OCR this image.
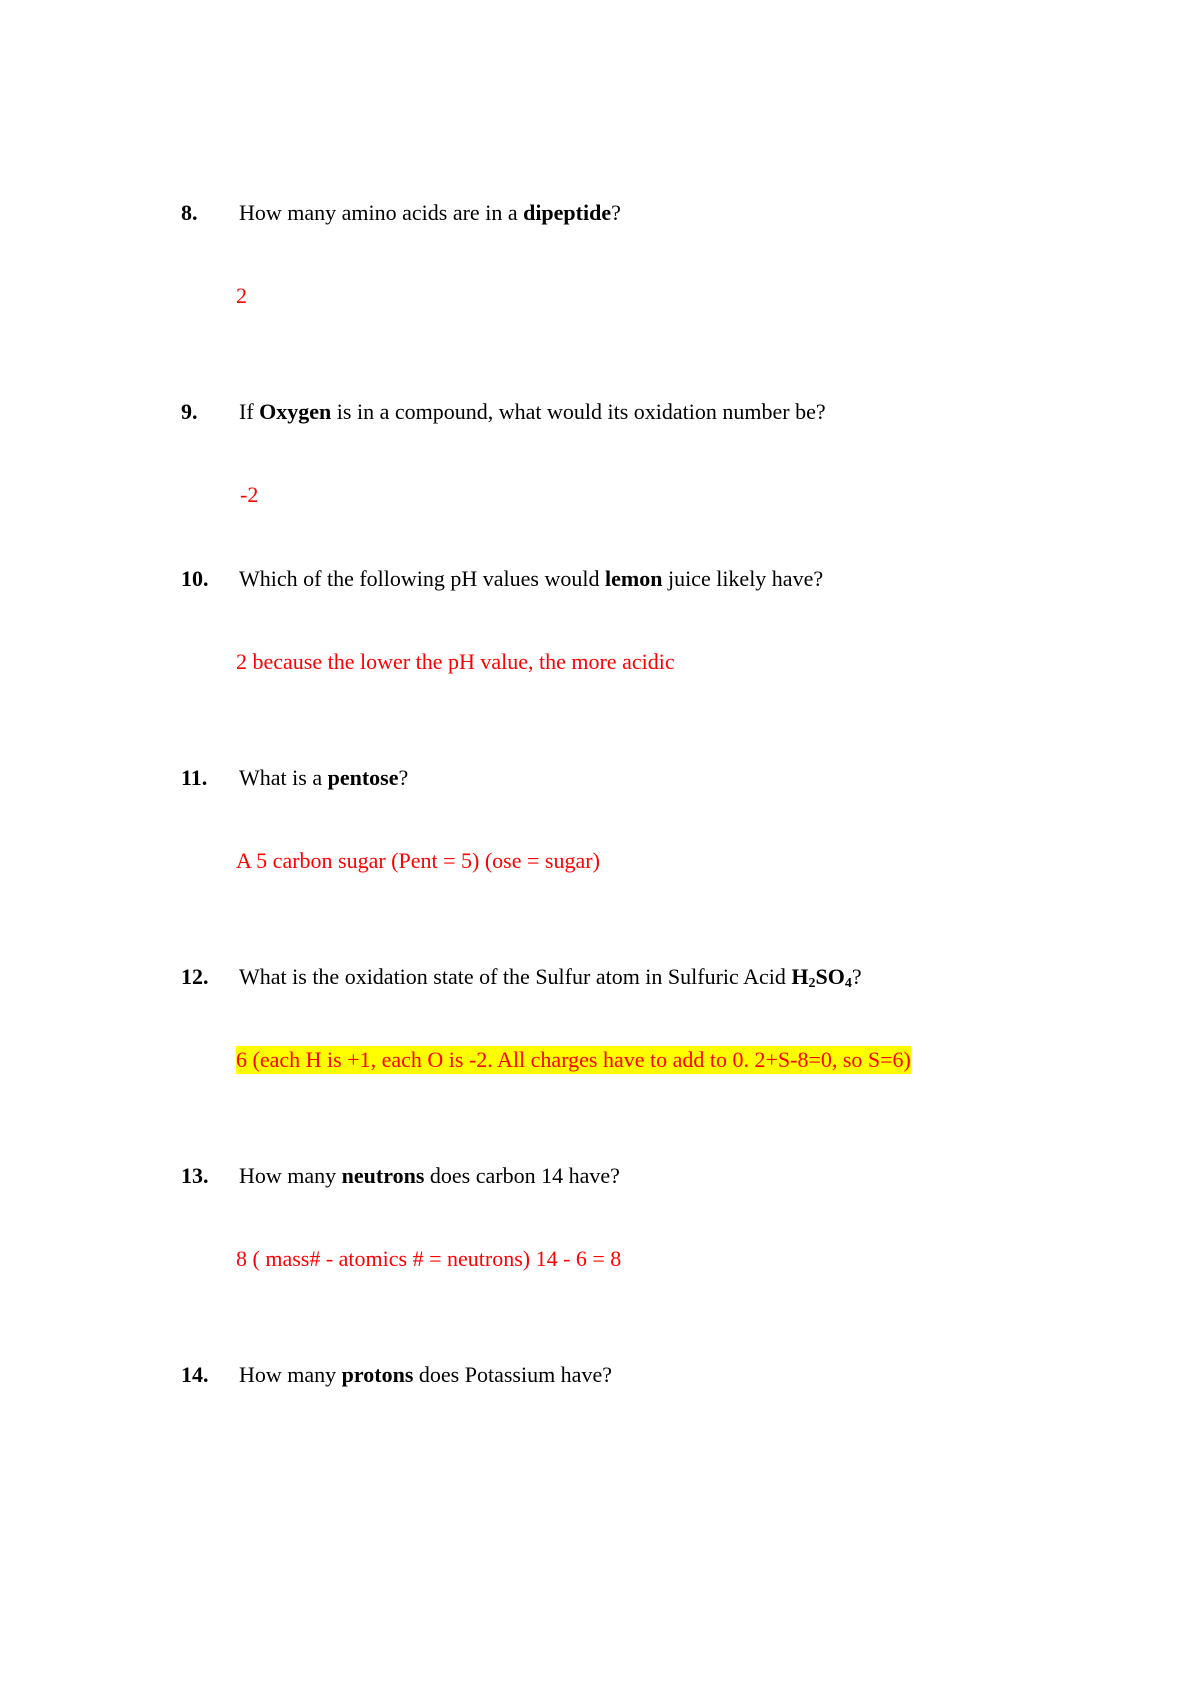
8. How many amino acids are in a dipeptide?
2
9. If Oxygen is in a compound, what would its oxidation number be?
-2
10. Which of the following pH values would lemon juice likely have?
2 because the lower the pH value, the more acidic
11. What is a pentose?
A 5 carbon sugar (Pent = 5) (ose = sugar)
12. What is the oxidation state of the Sulfur atom in Sulfuric Acid $H_2SO_4$?
6 (each H is +1, each O is -2. All charges have to add to 0. 2+S-8=0, so S=6)
13. How many neutrons does carbon 14 have?
8 ( mass# - atomics # = neutrons) 14 - 6 = 8
14. How many protons does Potassium have?
